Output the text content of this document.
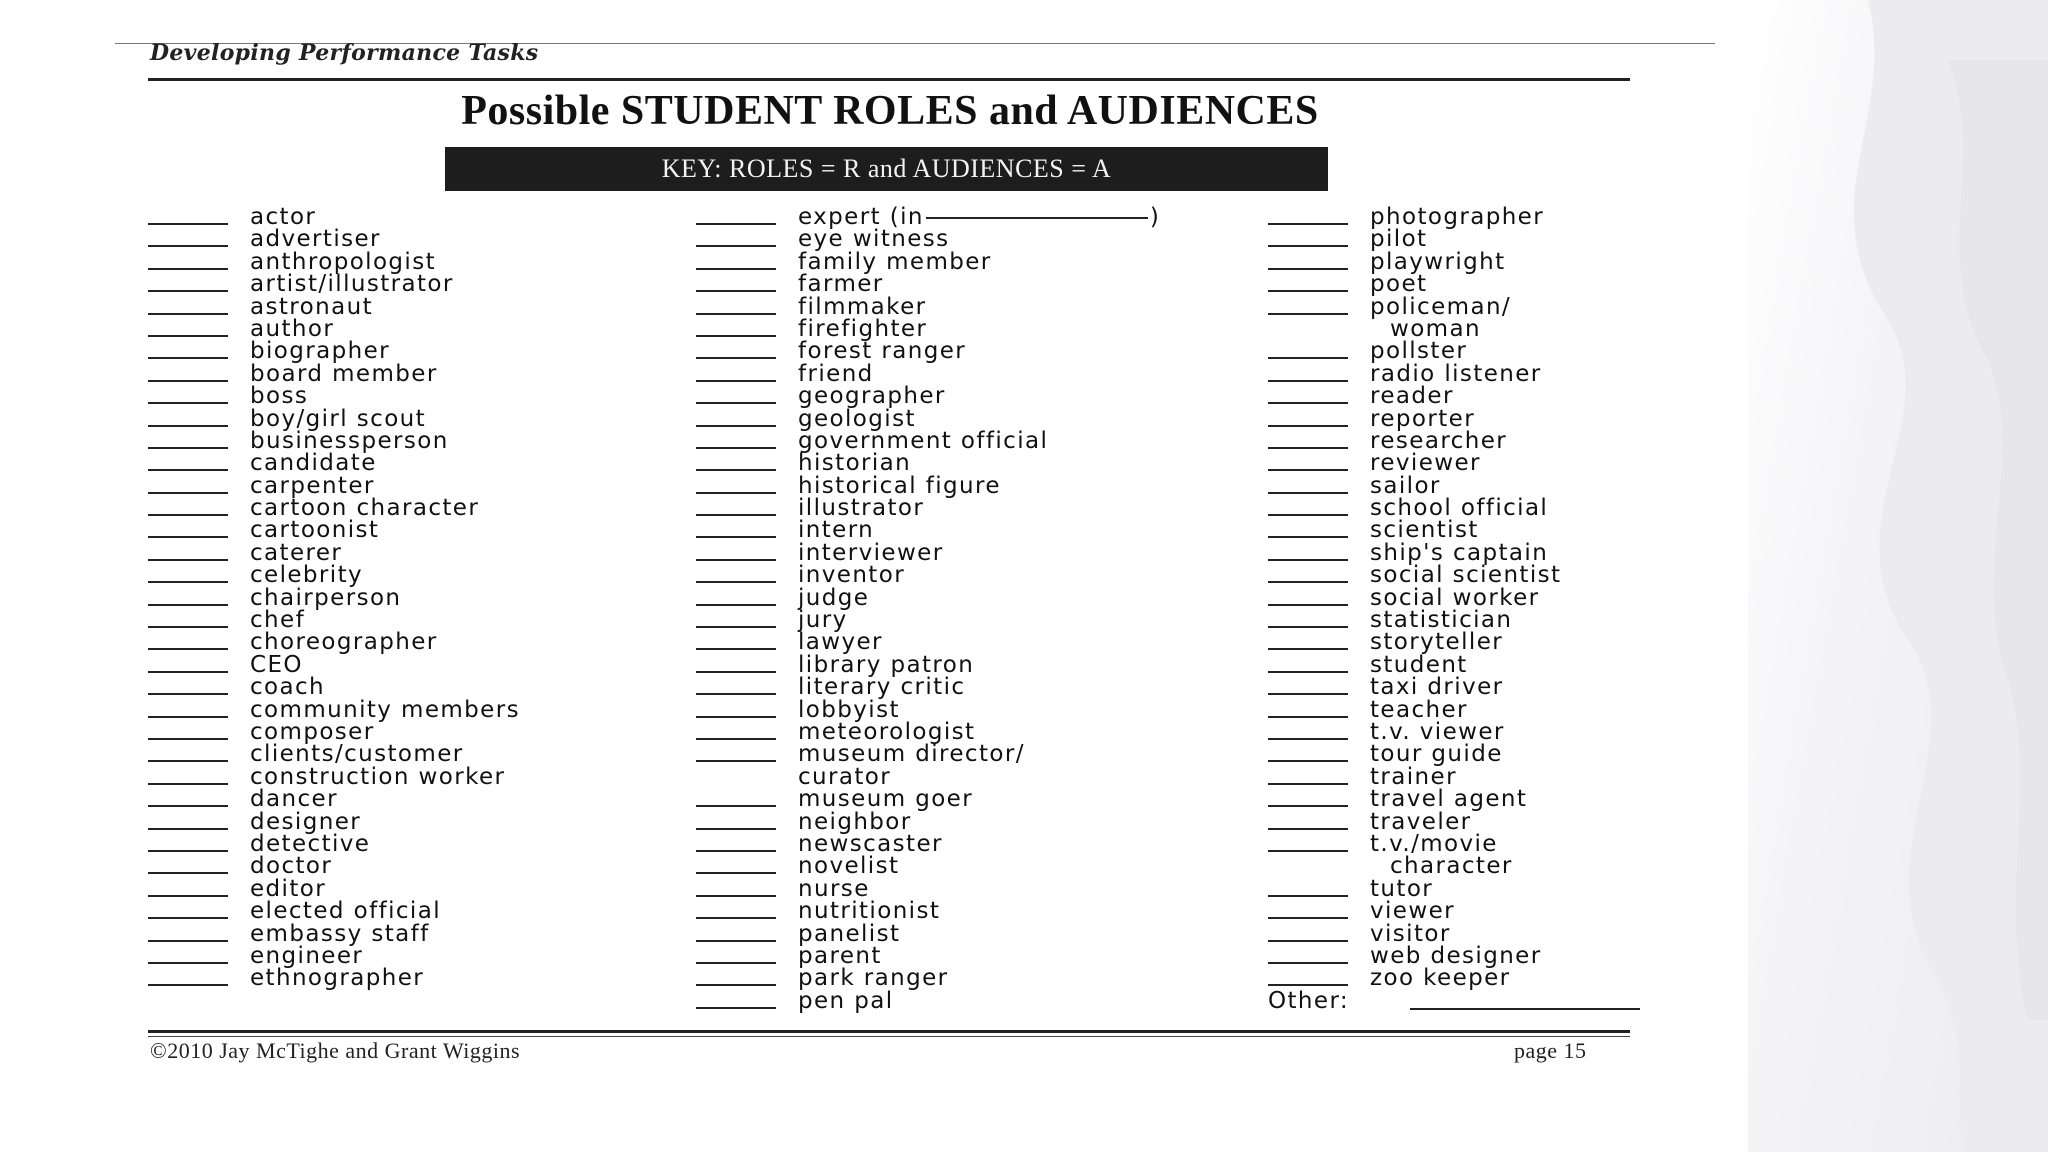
Developing Performance Tasks
Possible STUDENT ROLES and AUDIENCES
KEY: ROLES = R and AUDIENCES = A
actor
advertiser
anthropologist
artist/illustrator
astronaut
author
biographer
board member
boss
boy/girl scout
businessperson
candidate
carpenter
cartoon character
cartoonist
caterer
celebrity
chairperson
chef
choreographer
CEO
coach
community members
composer
clients/customer
construction worker
dancer
designer
detective
doctor
editor
elected official
embassy staff
engineer
ethnographer
expert (in	)
eye witness
family member
farmer
filmmaker
firefighter
forest ranger
friend
geographer
geologist
government official
historian
historical figure
illustrator
intern
interviewer
inventor
judge
jury
lawyer
library patron
literary critic
lobbyist
meteorologist
museum director/
curator
museum goer
neighbor
newscaster
novelist
nurse
nutritionist
panelist
parent
park ranger
pen pal
photographer
pilot
playwright
poet
policeman/
woman
pollster
radio listener
reader
reporter
researcher
reviewer
sailor
school official
scientist
ship's captain
social scientist
social worker
statistician
storyteller
student
taxi driver
teacher
t.v. viewer
tour guide
trainer
travel agent
traveler
t.v./movie
character
tutor
viewer
visitor
web designer
zoo keeper
Other:
©2010 Jay McTighe and Grant Wiggins	page 15
